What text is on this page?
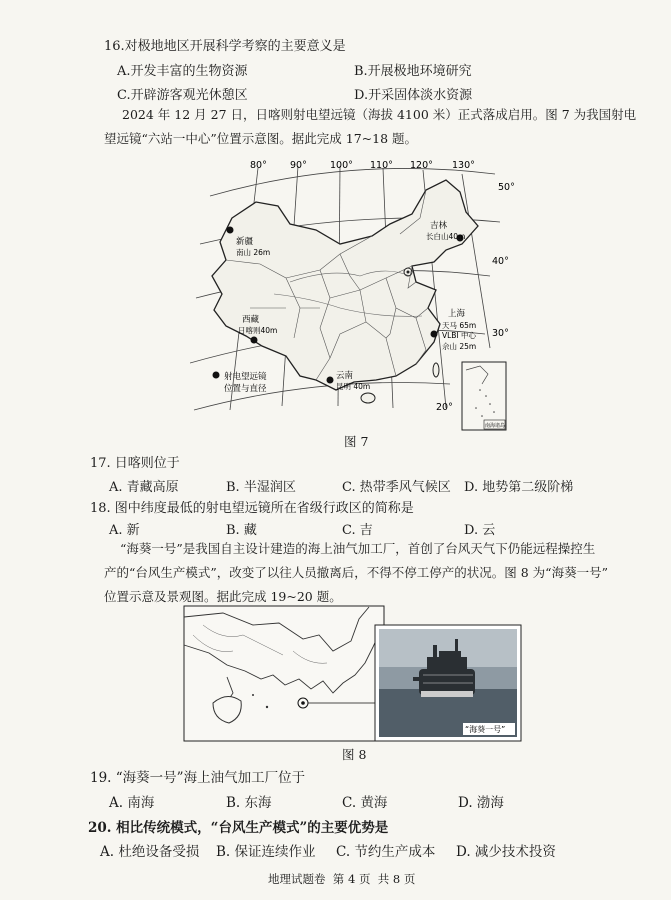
16.对极地地区开展科学考察的主要意义是
A.开发丰富的生物资源	B.开展极地环境研究
C.开辟游客观光休憩区	D.开采固体淡水资源
2024 年 12 月 27 日，日喀则射电望远镜（海拔 4100 米）正式落成启用。图 7 为我国射电
望远镜“六站一中心”位置示意图。据此完成 17~18 题。
80° 90° 100° 110° 120° 130°
50°
40°
30°
20°
新疆
南山 26m
吉林
长白山40m
西藏
日喀则40m
上海
天马 65m
VLBI 中心
佘山 25m
云南
昆明 40m
射电望远镜
位置与直径
南海诸岛
图 7
17. 日喀则位于
A. 青藏高原	B. 半湿润区	C. 热带季风气候区 D. 地势第二级阶梯
18. 图中纬度最低的射电望远镜所在省级行政区的简称是
A. 新	B. 藏	C. 吉	D. 云
“海葵一号”是我国自主设计建造的海上油气加工厂，首创了台风天气下仍能远程操控生
产的“台风生产模式”，改变了以往人员撤离后，不得不停工停产的状况。图 8 为“海葵一号”
位置示意及景观图。据此完成 19~20 题。
“海葵一号”
图 8
19. “海葵一号”海上油气加工厂位于
A. 南海	B. 东海	C. 黄海	D. 渤海
20. 相比传统模式，“台风生产模式”的主要优势是
A. 杜绝设备受损 B. 保证连续作业 C. 节约生产成本 D. 减少技术投资
地理试题卷  第 4 页  共 8 页
